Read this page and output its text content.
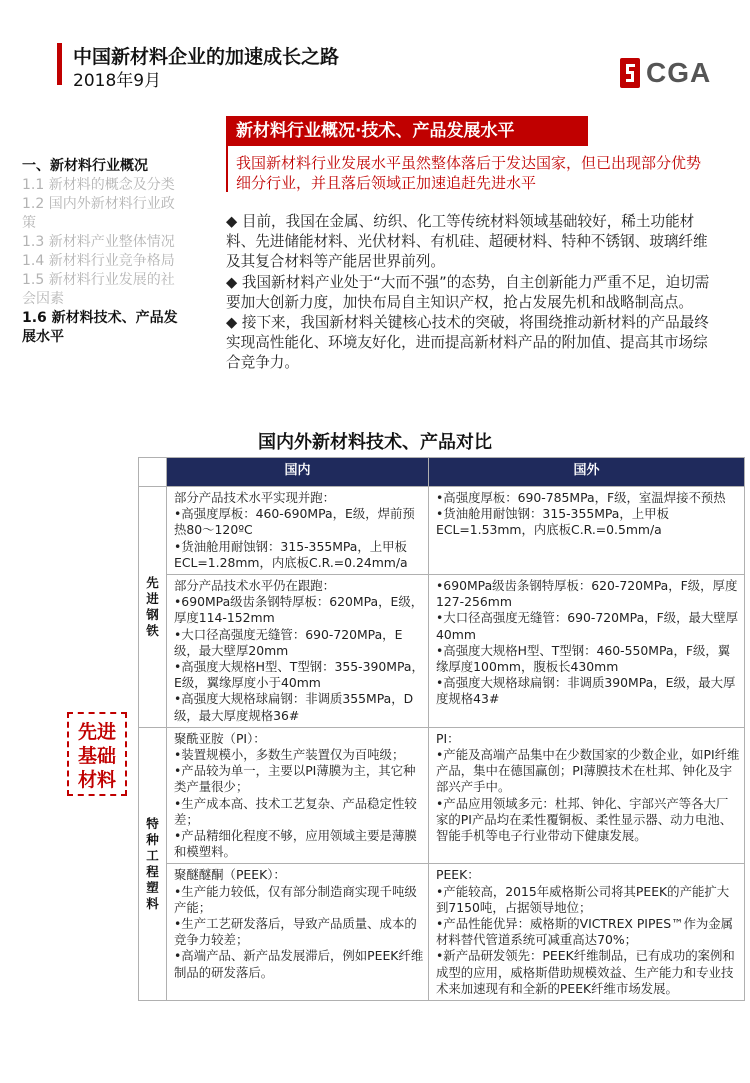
中国新材料企业的加速成长之路
2018年9月	CGA
一、新材料行业概况
1.1 新材料的概念及分类
1.2 国内外新材料行业政策
1.3 新材料产业整体情况
1.4 新材料行业竞争格局
1.5 新材料行业发展的社会因素
1.6 新材料技术、产品发展水平
新材料行业概况·技术、产品发展水平
我国新材料行业发展水平虽然整体落后于发达国家，但已出现部分优势细分行业，并且落后领域正加速追赶先进水平

◆ 目前，我国在金属、纺织、化工等传统材料领域基础较好，稀土功能材料、先进储能材料、光伏材料、有机硅、超硬材料、特种不锈钢、玻璃纤维及其复合材料等产能居世界前列。

◆ 我国新材料产业处于“大而不强”的态势，自主创新能力严重不足，迫切需要加大创新力度，加快布局自主知识产权，抢占发展先机和战略制高点。

◆ 接下来，我国新材料关键核心技术的突破，将围绕推动新材料的产品最终实现高性能化、环境友好化，进而提高新材料产品的附加值、提高其市场综合竞争力。

国内外新材料技术、产品对比
先进基础材料
	国内	国外
先进钢铁	部分产品技术水平实现并跑：
•高强度厚板：460-690MPa，E级，焊前预热80～120ºC
•货油舱用耐蚀钢：315-355MPa，上甲板ECL=1.28mm，内底板C.R.=0.24mm/a	•高强度厚板：690-785MPa，F级，室温焊接不预热
•货油舱用耐蚀钢：315-355MPa，上甲板ECL=1.53mm，内底板C.R.=0.5mm/a

	部分产品技术水平仍在跟跑：
•690MPa级齿条钢特厚板：620MPa，E级，厚度114-152mm
•大口径高强度无缝管：690-720MPa，E级，最大壁厚20mm
•高强度大规格H型、T型钢：355-390MPa，E级，翼缘厚度小于40mm
•高强度大规格球扁钢：非调质355MPa，D级，最大厚度规格36#	•690MPa级齿条钢特厚板：620-720MPa，F级，厚度127-256mm
•大口径高强度无缝管：690-720MPa，F级，最大壁厚40mm
•高强度大规格H型、T型钢：460-550MPa，F级，翼缘厚度100mm，腹板长430mm
•高强度大规格球扁钢：非调质390MPa，E级，最大厚度规格43#

特种工程塑料	聚酰亚胺（PI）：
•装置规模小，多数生产装置仅为百吨级；
•产品较为单一，主要以PI薄膜为主，其它种类产量很少；
•生产成本高、技术工艺复杂、产品稳定性较差；
•产品精细化程度不够，应用领域主要是薄膜和模塑料。	PI：
•产能及高端产品集中在少数国家的少数企业，如PI纤维产品，集中在德国赢创；PI薄膜技术在杜邦、钟化及宇部兴产手中。
•产品应用领域多元：杜邦、钟化、宇部兴产等各大厂家的PI产品均在柔性覆铜板、柔性显示器、动力电池、智能手机等电子行业带动下健康发展。

	聚醚醚酮（PEEK）：
•生产能力较低，仅有部分制造商实现千吨级产能；
•生产工艺研发落后，导致产品质量、成本的竞争力较差；
•高端产品、新产品发展滞后，例如PEEK纤维制品的研发落后。	PEEK：
•产能较高，2015年威格斯公司将其PEEK的产能扩大到7150吨，占据领导地位；
•产品性能优异：威格斯的VICTREX PIPES™作为金属材料替代管道系统可减重高达70%；
•新产品研发领先：PEEK纤维制品，已有成功的案例和成型的应用，威格斯借助规模效益、生产能力和专业技术来加速现有和全新的PEEK纤维市场发展。
